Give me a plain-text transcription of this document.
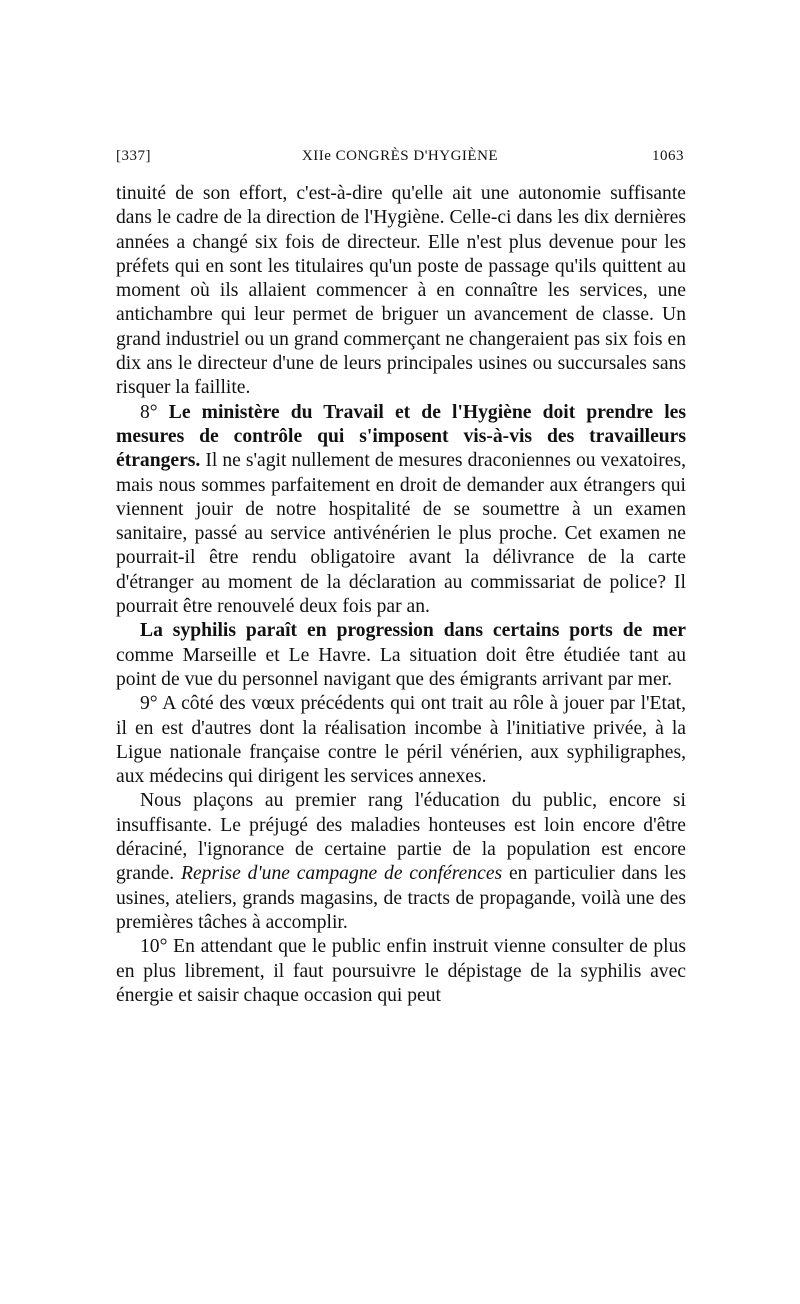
[337]	XIIe CONGRÈS D'HYGIÈNE	1063

tinuité de son effort, c'est-à-dire qu'elle ait une autonomie suffisante dans le cadre de la direction de l'Hygiène. Celle-ci dans les dix dernières années a changé six fois de directeur. Elle n'est plus devenue pour les préfets qui en sont les titulaires qu'un poste de passage qu'ils quittent au moment où ils allaient commencer à en connaître les services, une antichambre qui leur permet de briguer un avancement de classe. Un grand industriel ou un grand commerçant ne changeraient pas six fois en dix ans le directeur d'une de leurs principales usines ou succursales sans risquer la faillite.

8° Le ministère du Travail et de l'Hygiène doit prendre les mesures de contrôle qui s'imposent vis-à-vis des travailleurs étrangers. Il ne s'agit nullement de mesures draconiennes ou vexatoires, mais nous sommes parfaitement en droit de demander aux étrangers qui viennent jouir de notre hospitalité de se soumettre à un examen sanitaire, passé au service antivénérien le plus proche. Cet examen ne pourrait-il être rendu obligatoire avant la délivrance de la carte d'étranger au moment de la déclaration au commissariat de police? Il pourrait être renouvelé deux fois par an.

La syphilis paraît en progression dans certains ports de mer comme Marseille et Le Havre. La situation doit être étudiée tant au point de vue du personnel navigant que des émigrants arrivant par mer.

9° A côté des vœux précédents qui ont trait au rôle à jouer par l'Etat, il en est d'autres dont la réalisation incombe à l'initiative privée, à la Ligue nationale française contre le péril vénérien, aux syphiligraphes, aux médecins qui dirigent les services annexes.

Nous plaçons au premier rang l'éducation du public, encore si insuffisante. Le préjugé des maladies honteuses est loin encore d'être déraciné, l'ignorance de certaine partie de la population est encore grande. Reprise d'une campagne de conférences en particulier dans les usines, ateliers, grands magasins, de tracts de propagande, voilà une des premières tâches à accomplir.

10° En attendant que le public enfin instruit vienne consulter de plus en plus librement, il faut poursuivre le dépistage de la syphilis avec énergie et saisir chaque occasion qui peut
